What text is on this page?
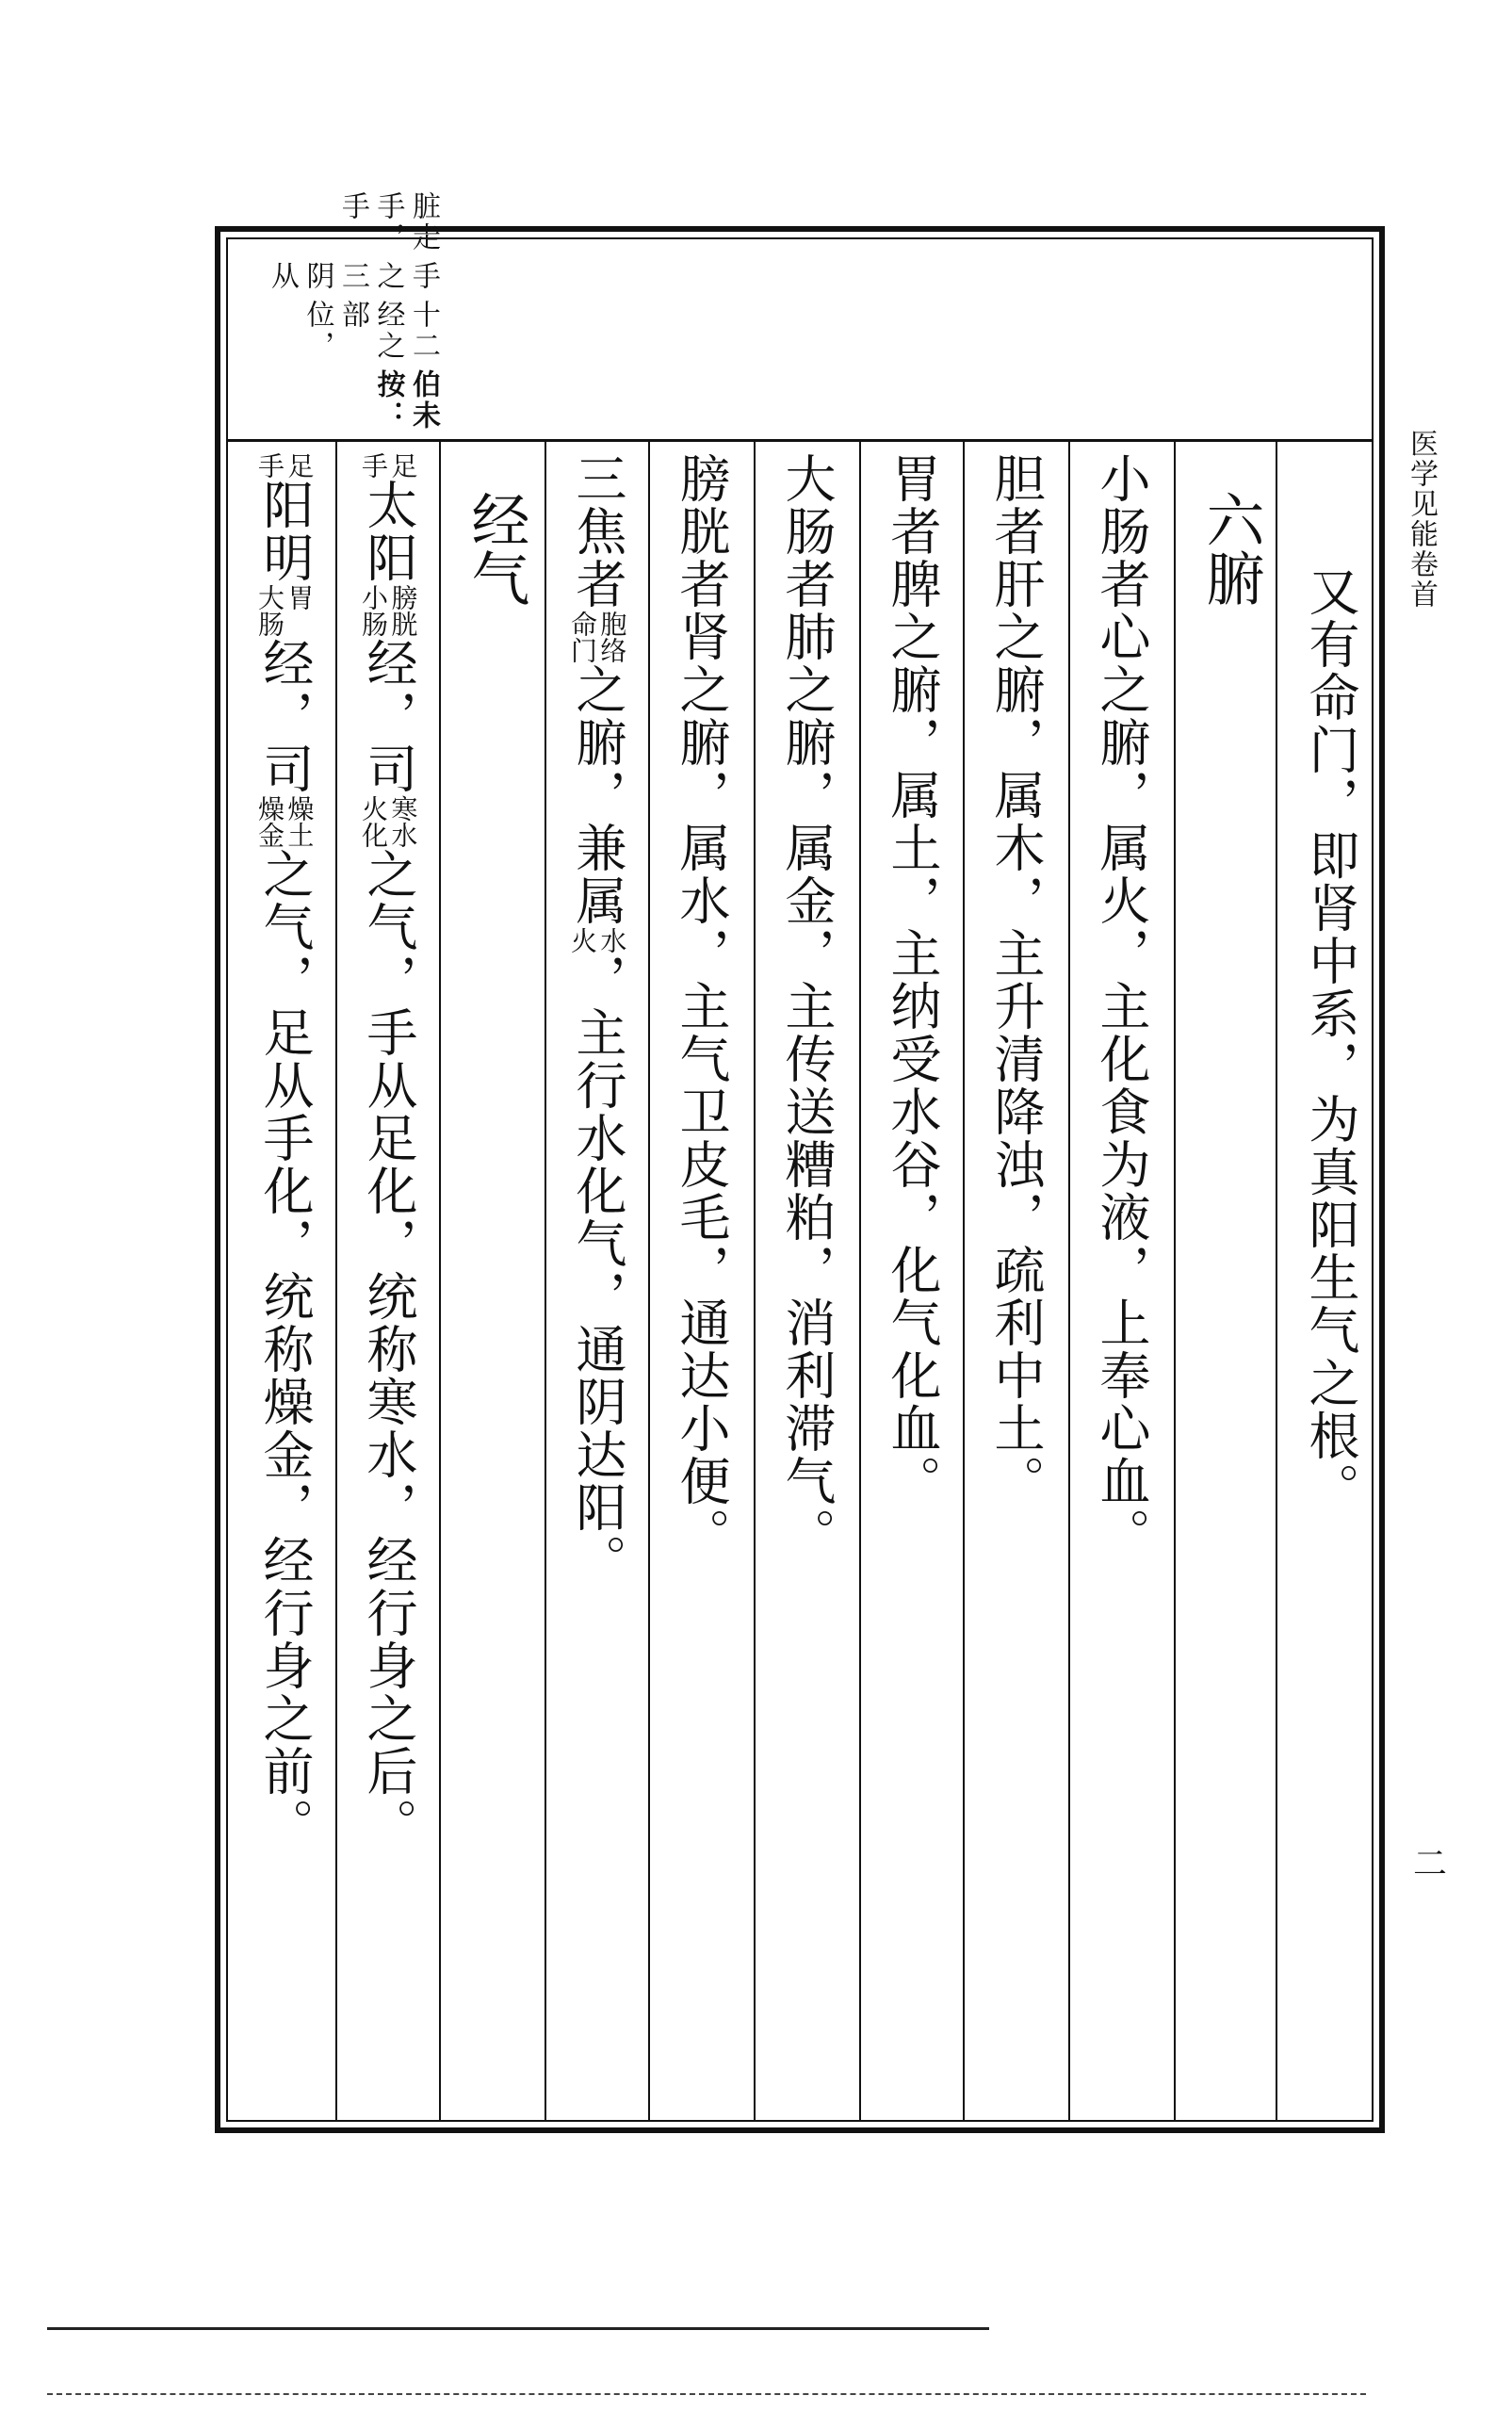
伯未按：
十二经之部位，
手之三阴从
脏走手，手
又有命门，即肾中系，为真阳生气之根。
六腑
小肠者心之腑，属火，主化食为液，上奉心血。
胆者肝之腑，属木，主升清降浊，疏利中土。
胃者脾之腑，属土，主纳受水谷，化气化血。
大肠者肺之腑，属金，主传送糟粕，消利滞气。
膀胱者肾之腑，属水，主气卫皮毛，通达小便。
三焦者
胞络
命门
之腑，兼属
水
火
，主行水化气，通阴达阳。
经气
足
手
太阳
膀胱
小肠
经，司
寒水
火化
之气，手从足化，统称寒水，经行身之后。
足
手
阳明
胃
大肠
经，司
燥土
燥金
之气，足从手化，统称燥金，经行身之前。
医学见能卷首
二
